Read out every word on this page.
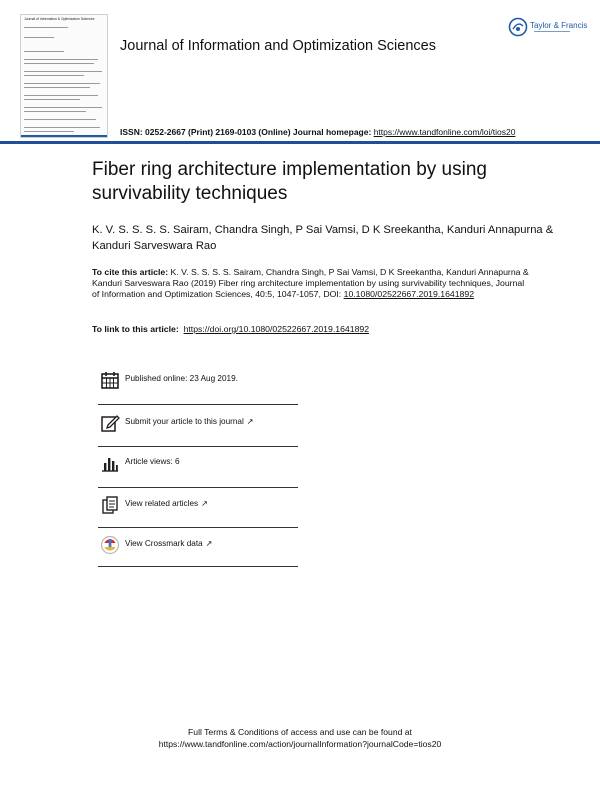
Journal of Information & Optimization Sciences
Journal of Information and Optimization Sciences
Taylor & Francis
ISSN: 0252-2667 (Print) 2169-0103 (Online) Journal homepage: https://www.tandfonline.com/loi/tios20
Fiber ring architecture implementation by using survivability techniques
K. V. S. S. S. S. Sairam, Chandra Singh, P Sai Vamsi, D K Sreekantha, Kanduri Annapurna & Kanduri Sarveswara Rao
To cite this article: K. V. S. S. S. S. Sairam, Chandra Singh, P Sai Vamsi, D K Sreekantha, Kanduri Annapurna & Kanduri Sarveswara Rao (2019) Fiber ring architecture implementation by using survivability techniques, Journal of Information and Optimization Sciences, 40:5, 1047-1057, DOI: 10.1080/02522667.2019.1641892
To link to this article: https://doi.org/10.1080/02522667.2019.1641892
Published online: 23 Aug 2019.
Submit your article to this journal ↗
Article views: 6
View related articles ↗
View Crossmark data ↗
Full Terms & Conditions of access and use can be found at
https://www.tandfonline.com/action/journalInformation?journalCode=tios20
